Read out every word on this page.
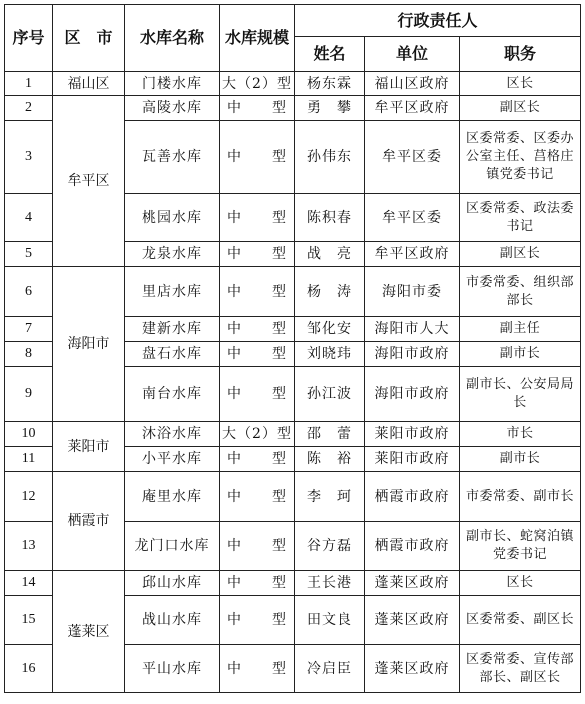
序号	区　市	水库名称	水库规模	行政责任人		
				姓名	单位	职务
1	福山区	门楼水库	大（2）型	杨东霖	福山区政府	区长
2	牟平区	高陵水库	中　　型	勇　攀	牟平区政府	副区长
3		瓦善水库	中　　型	孙伟东	牟平区委	区委常委、区委办公室主任、莒格庄镇党委书记
4		桃园水库	中　　型	陈积春	牟平区委	区委常委、政法委书记
5		龙泉水库	中　　型	战　亮	牟平区政府	副区长
6	海阳市	里店水库	中　　型	杨　涛	海阳市委	市委常委、组织部部长
7		建新水库	中　　型	邹化安	海阳市人大	副主任
8		盘石水库	中　　型	刘晓玮	海阳市政府	副市长
9		南台水库	中　　型	孙江波	海阳市政府	副市长、公安局局长
10	莱阳市	沐浴水库	大（2）型	邵　蕾	莱阳市政府	市长
11		小平水库	中　　型	陈　裕	莱阳市政府	副市长
12	栖霞市	庵里水库	中　　型	李　珂	栖霞市政府	市委常委、副市长
13		龙门口水库	中　　型	谷方磊	栖霞市政府	副市长、蛇窝泊镇党委书记
14	蓬莱区	邱山水库	中　　型	王长港	蓬莱区政府	区长
15		战山水库	中　　型	田文良	蓬莱区政府	区委常委、副区长
16		平山水库	中　　型	冷启臣	蓬莱区政府	区委常委、宣传部部长、副区长
